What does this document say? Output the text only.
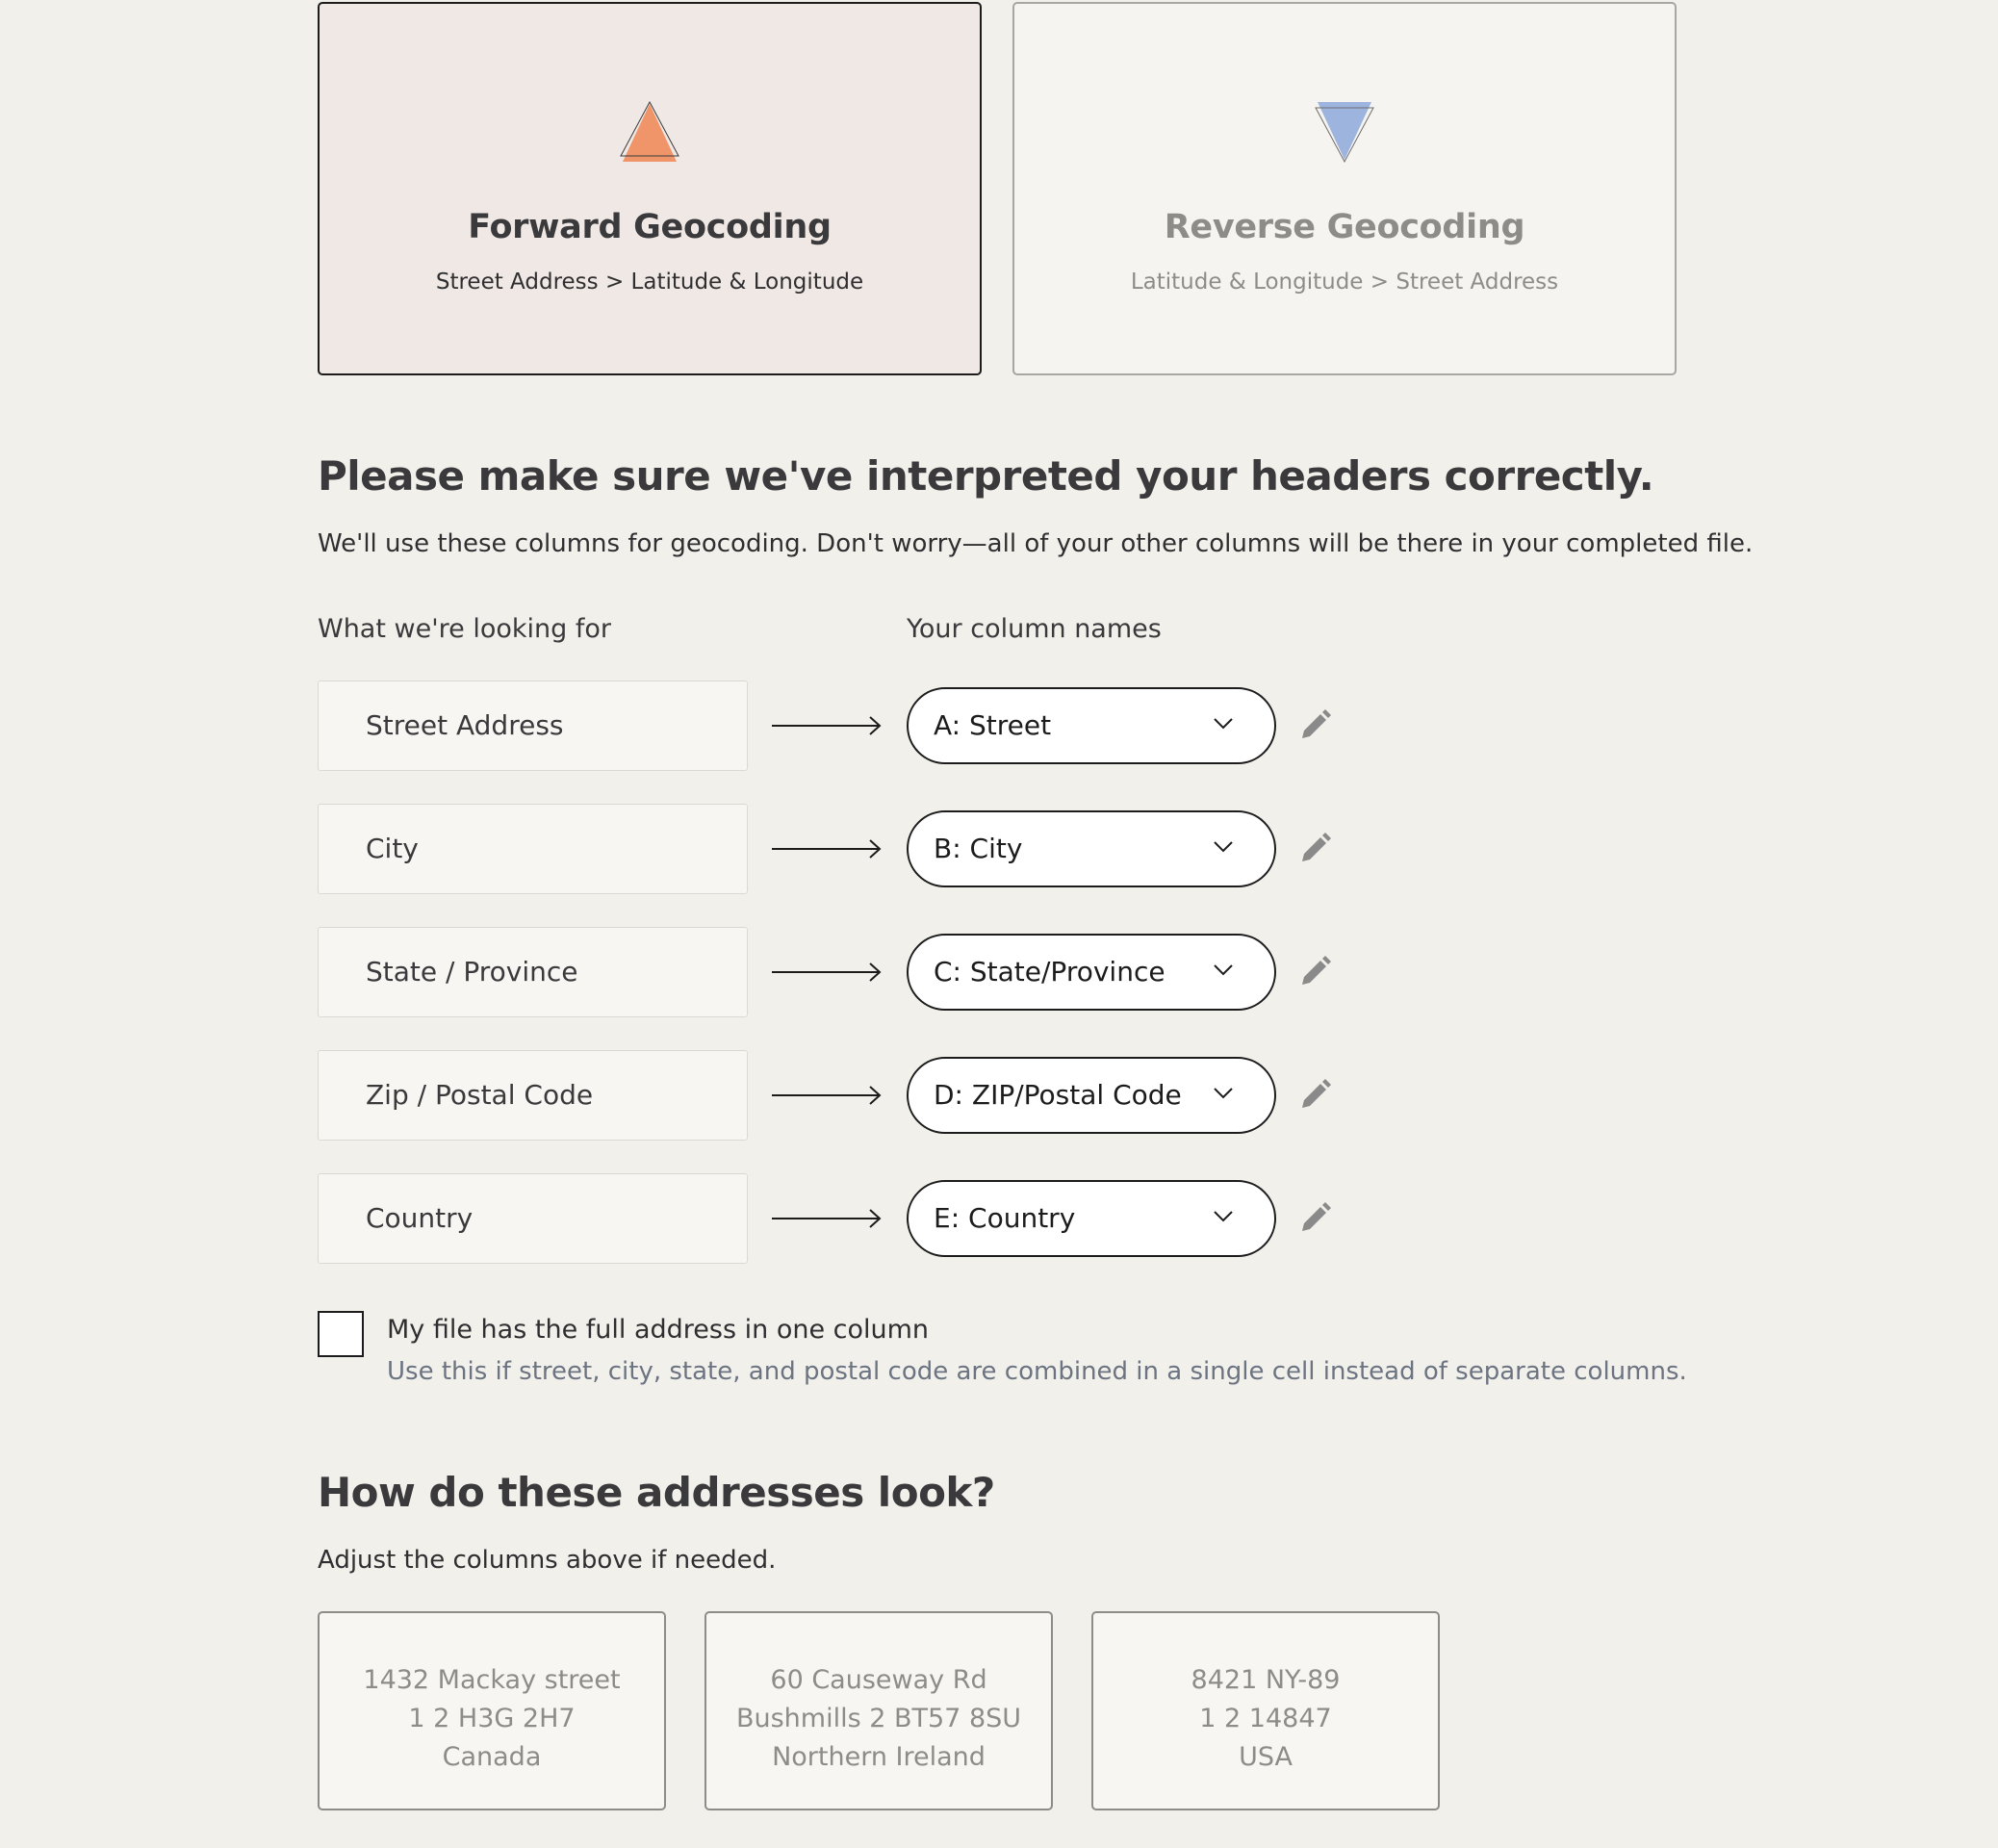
Forward Geocoding
Street Address > Latitude & Longitude
Reverse Geocoding
Latitude & Longitude > Street Address
Please make sure we've interpreted your headers correctly.
We'll use these columns for geocoding. Don't worry—all of your other columns will be there in your completed file.
What we're looking for	Your column names
Street Address	A: Street
City	B: City
State / Province	C: State/Province
Zip / Postal Code	D: ZIP/Postal Code
Country	E: Country
My file has the full address in one column
Use this if street, city, state, and postal code are combined in a single cell instead of separate columns.
How do these addresses look?
Adjust the columns above if needed.
1432 Mackay street
1 2 H3G 2H7
Canada
60 Causeway Rd
Bushmills 2 BT57 8SU
Northern Ireland
8421 NY-89
1 2 14847
USA
